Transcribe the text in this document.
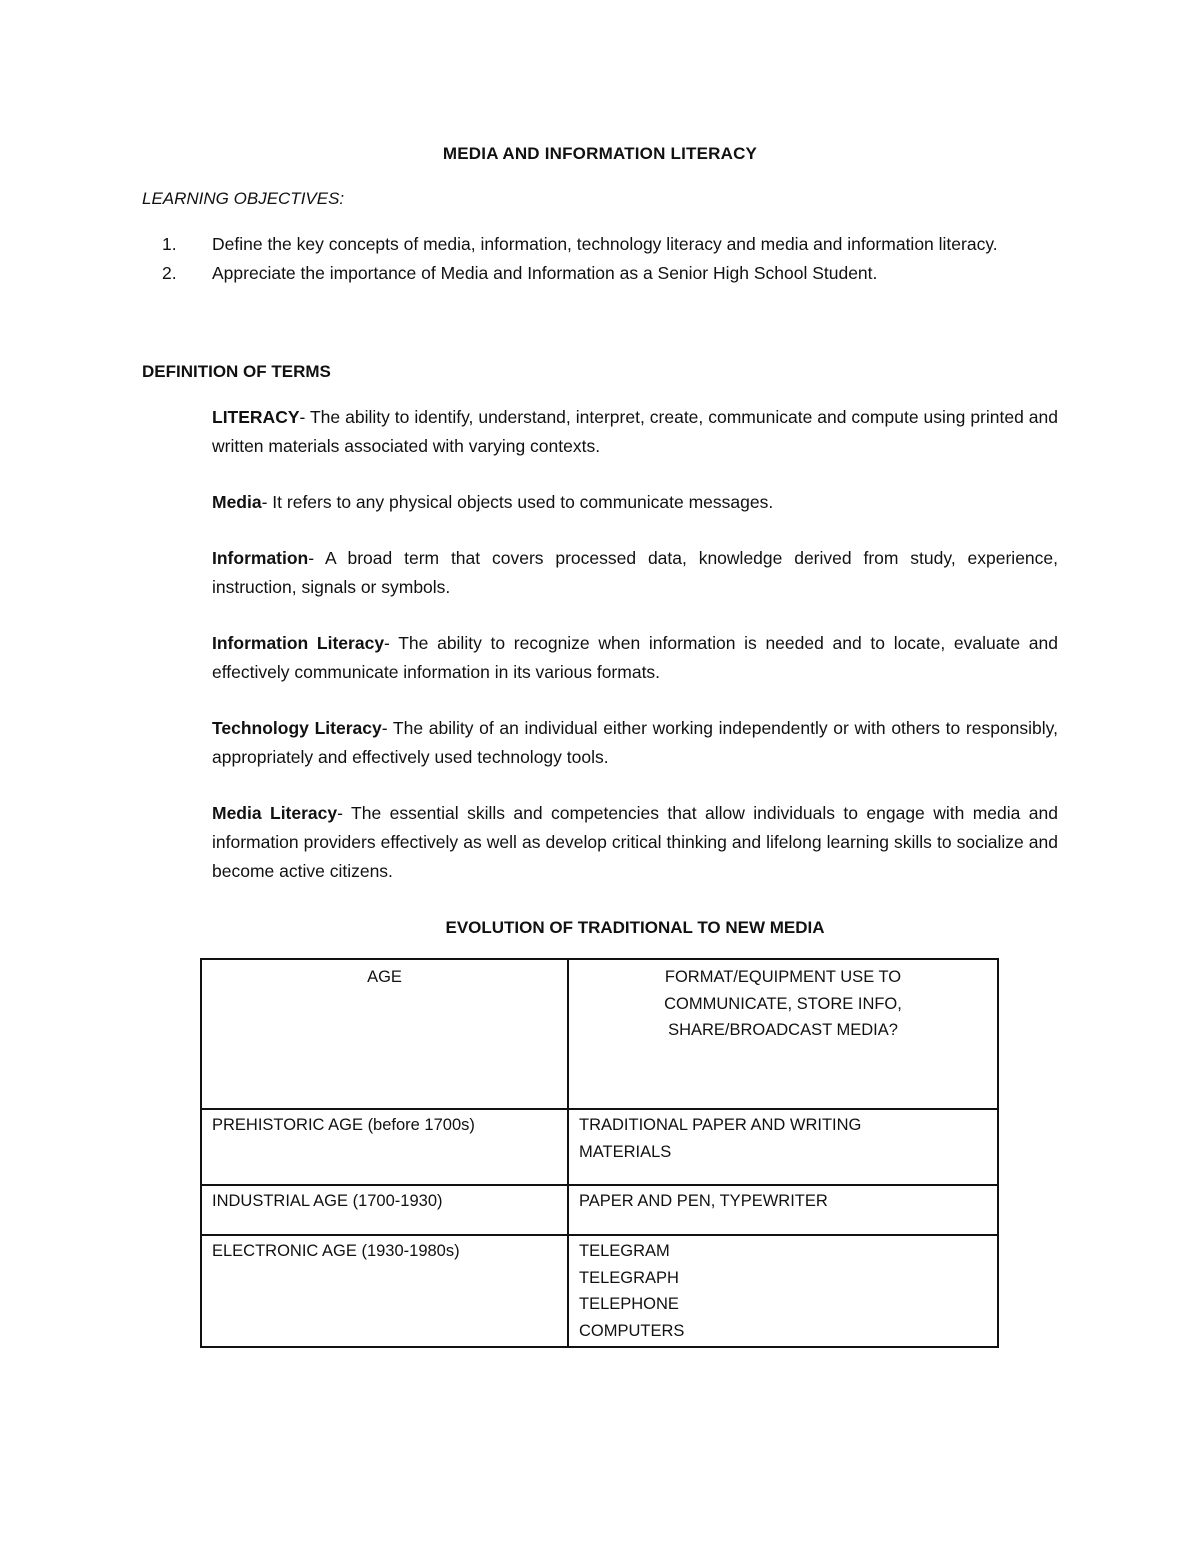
MEDIA AND INFORMATION LITERACY
LEARNING OBJECTIVES:
1. Define the key concepts of media, information, technology literacy and media and information literacy.
2. Appreciate the importance of Media and Information as a Senior High School Student.
DEFINITION OF TERMS

LITERACY- The ability to identify, understand, interpret, create, communicate and compute using printed and written materials associated with varying contexts.

Media- It refers to any physical objects used to communicate messages.

Information- A broad term that covers processed data, knowledge derived from study, experience, instruction, signals or symbols.

Information Literacy- The ability to recognize when information is needed and to locate, evaluate and effectively communicate information in its various formats.

Technology Literacy- The ability of an individual either working independently or with others to responsibly, appropriately and effectively used technology tools.

Media Literacy- The essential skills and competencies that allow individuals to engage with media and information providers effectively as well as develop critical thinking and lifelong learning skills to socialize and become active citizens.

EVOLUTION OF TRADITIONAL TO NEW MEDIA
AGE	FORMAT/EQUIPMENT USE TO
COMMUNICATE, STORE INFO,
SHARE/BROADCAST MEDIA?

PREHISTORIC AGE (before 1700s)	TRADITIONAL PAPER AND WRITING
MATERIALS

INDUSTRIAL AGE (1700-1930)	PAPER AND PEN, TYPEWRITER

ELECTRONIC AGE (1930-1980s)	TELEGRAM
TELEGRAPH
TELEPHONE
COMPUTERS
